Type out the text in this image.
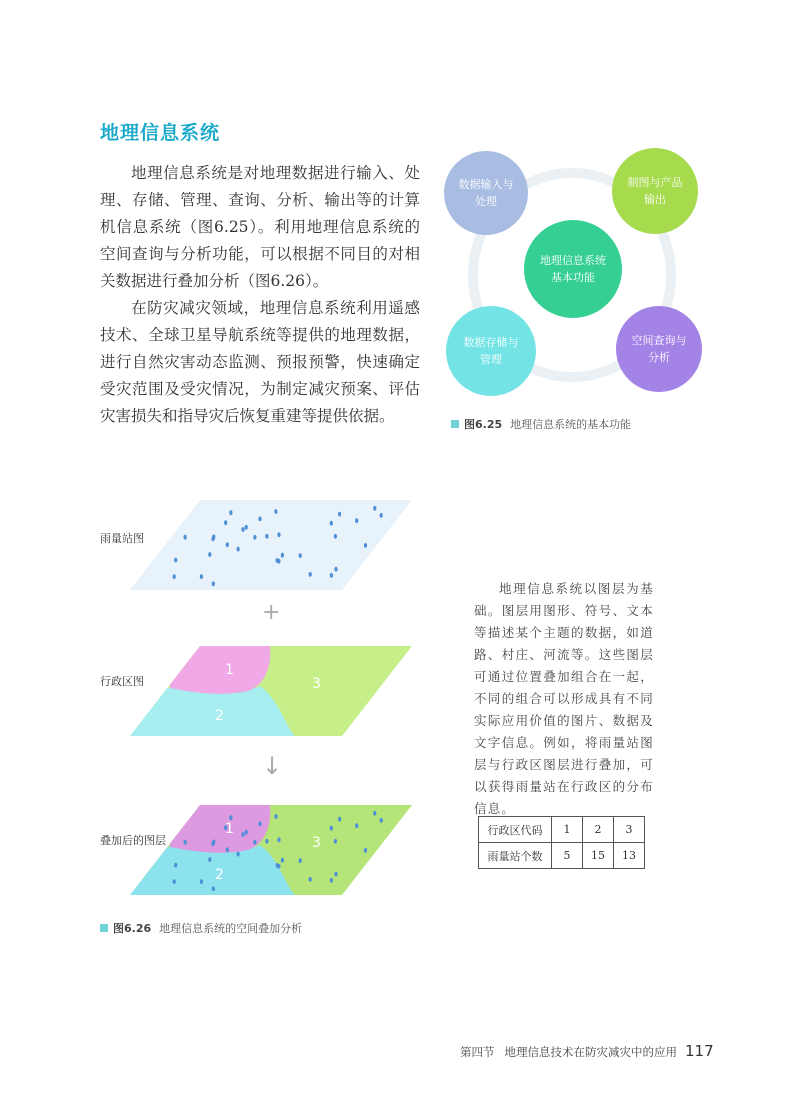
地理信息系统

地理信息系统是对地理数据进行输入、处理、存储、管理、查询、分析、输出等的计算机信息系统（图6.25）。利用地理信息系统的空间查询与分析功能，可以根据不同目的对相关数据进行叠加分析（图6.26）。

在防灾减灾领域，地理信息系统利用遥感技术、全球卫星导航系统等提供的地理数据，进行自然灾害动态监测、预报预警，快速确定受灾范围及受灾情况，为制定减灾预案、评估灾害损失和指导灾后恢复重建等提供依据。

数据输入与处理
制图与产品输出
地理信息系统基本功能
数据存储与管理
空间查询与分析
图6.25 地理信息系统的基本功能
雨量站图
+
行政区图
1
2
3
↓
叠加后的图层
1
2
3
图6.26 地理信息系统的空间叠加分析

地理信息系统以图层为基础。图层用图形、符号、文本等描述某个主题的数据，如道路、村庄、河流等。这些图层可通过位置叠加组合在一起，不同的组合可以形成具有不同实际应用价值的图片、数据及文字信息。例如，将雨量站图层与行政区图层进行叠加，可以获得雨量站在行政区的分布信息。

行政区代码	1	2	3
雨量站个数	5	15	13
第四节 地理信息技术在防灾减灾中的应用 117
